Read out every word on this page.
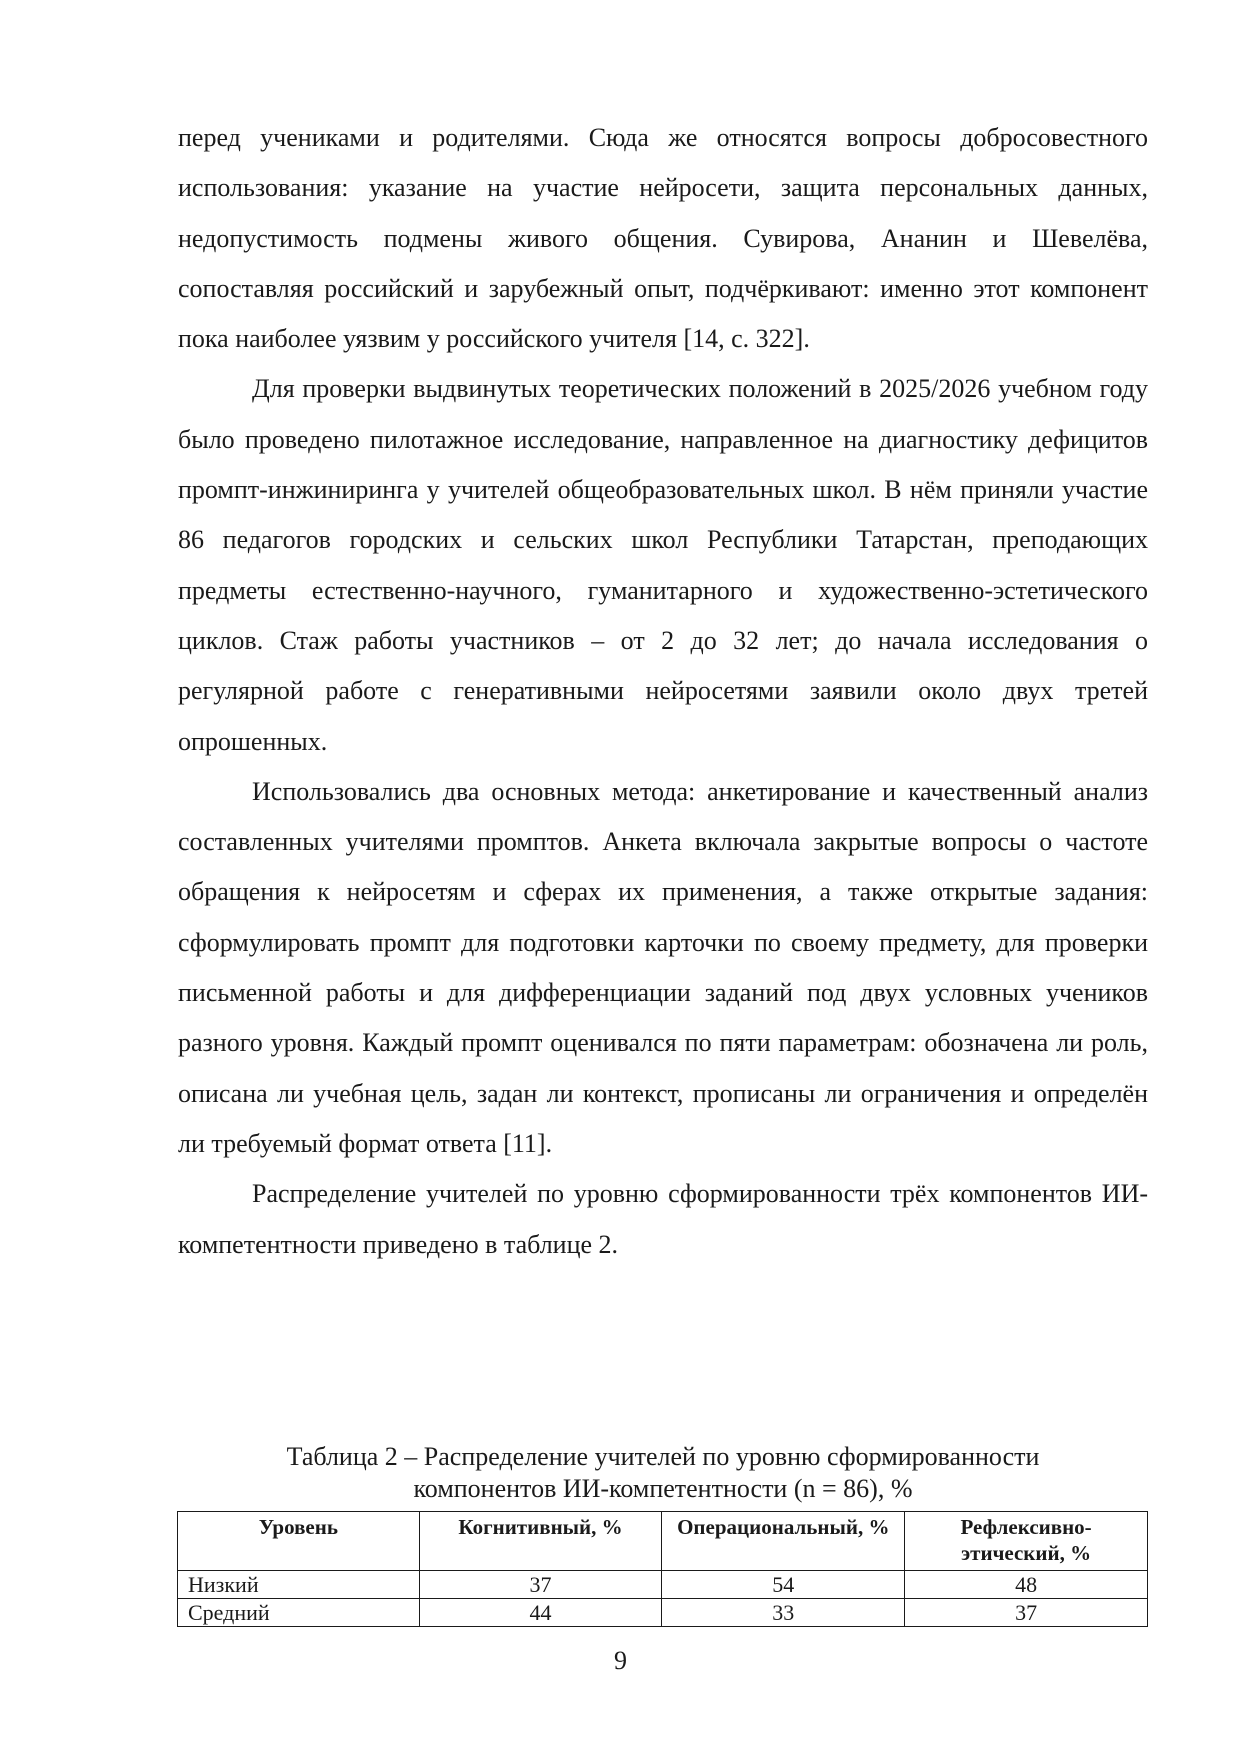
перед учениками и родителями. Сюда же относятся вопросы добросовестного использования: указание на участие нейросети, защита персональных данных, недопустимость подмены живого общения. Сувирова, Ананин и Шевелёва, сопоставляя российский и зарубежный опыт, подчёркивают: именно этот компонент пока наиболее уязвим у российского учителя [14, с. 322].

Для проверки выдвинутых теоретических положений в 2025/2026 учебном году было проведено пилотажное исследование, направленное на диагностику дефицитов промпт-инжиниринга у учителей общеобразовательных школ. В нём приняли участие 86 педагогов городских и сельских школ Республики Татарстан, преподающих предметы естественно-научного, гуманитарного и художественно-эстетического циклов. Стаж работы участников – от 2 до 32 лет; до начала исследования о регулярной работе с генеративными нейросетями заявили около двух третей опрошенных.

Использовались два основных метода: анкетирование и качественный анализ составленных учителями промптов. Анкета включала закрытые вопросы о частоте обращения к нейросетям и сферах их применения, а также открытые задания: сформулировать промпт для подготовки карточки по своему предмету, для проверки письменной работы и для дифференциации заданий под двух условных учеников разного уровня. Каждый промпт оценивался по пяти параметрам: обозначена ли роль, описана ли учебная цель, задан ли контекст, прописаны ли ограничения и определён ли требуемый формат ответа [11].

Распределение учителей по уровню сформированности трёх компонентов ИИ-компетентности приведено в таблице 2.

Таблица 2 – Распределение учителей по уровню сформированности
компонентов ИИ-компетентности (n = 86), %
Уровень	Когнитивный, %	Операциональный, %	Рефлексивно-этический, %
Низкий	37	54	48
Средний	44	33	37
9
